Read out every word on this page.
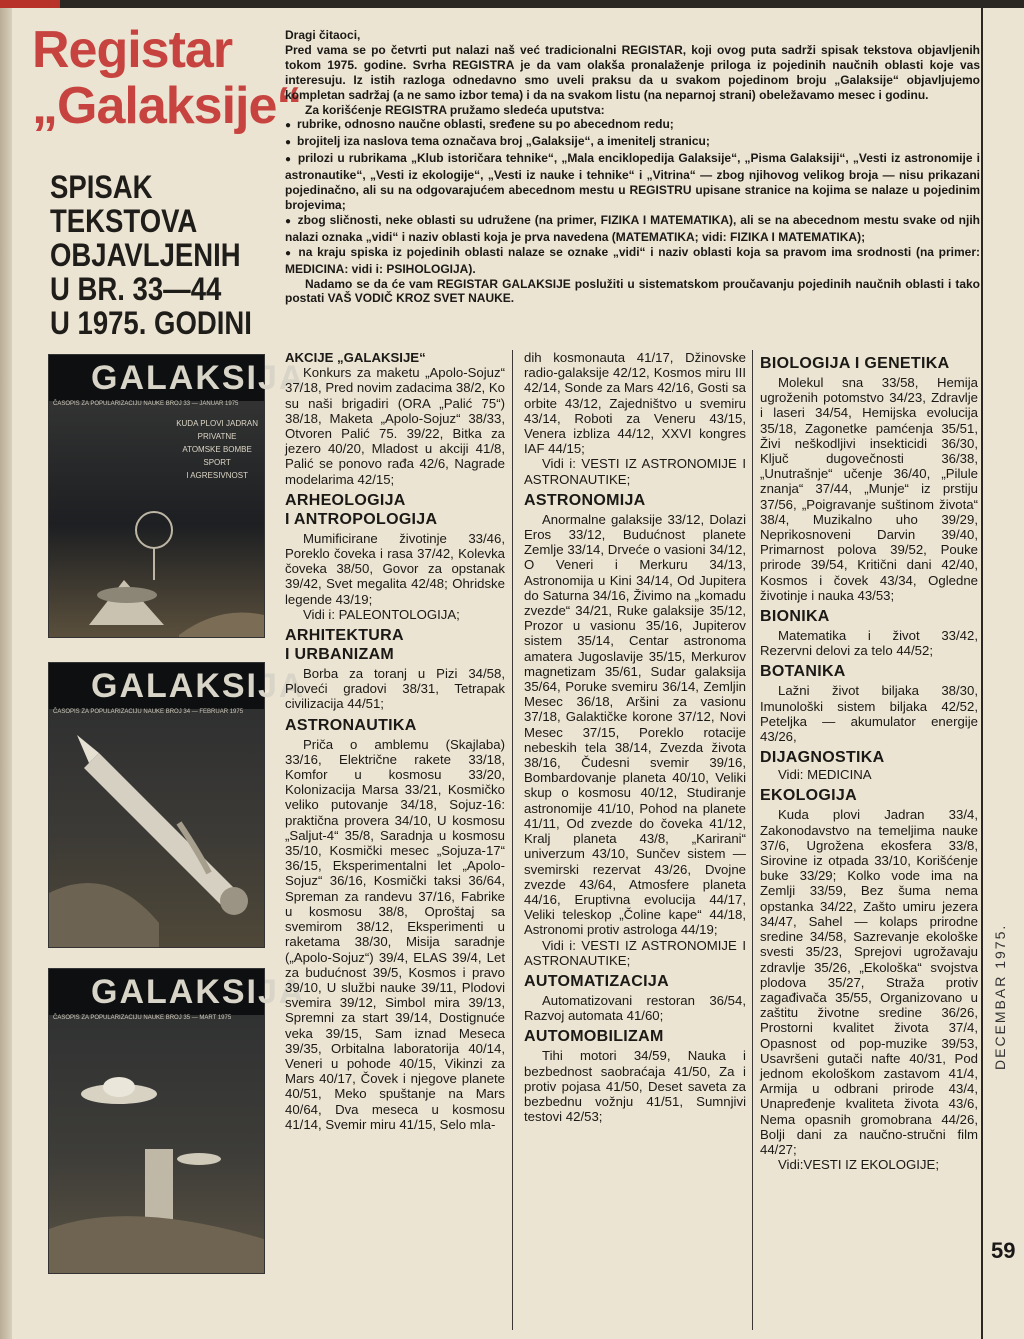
Registar
„Galaksije“
SPISAK
TEKSTOVA
OBJAVLJENIH
U BR. 33—44
U 1975. GODINI

Dragi čitaoci,

Pred vama se po četvrti put nalazi naš već tradicionalni REGISTAR, koji ovog puta sadrži spisak tekstova objavljenih tokom 1975. godine. Svrha REGISTRA je da vam olakša pronalaženje priloga iz pojedinih naučnih oblasti koje vas interesuju. Iz istih razloga odnedavno smo uveli praksu da u svakom pojedinom broju „Galaksije“ objavljujemo kompletan sadržaj (a ne samo izbor tema) i da na svakom listu (na neparnoj strani) obeležavamo mesec i godinu.

Za korišćenje REGISTRA pružamo sledeća uputstva:

● rubrike, odnosno naučne oblasti, sređene su po abecednom redu;

● brojitelj iza naslova tema označava broj „Galaksije“, a imenitelj stranicu;

● prilozi u rubrikama „Klub istoričara tehnike“, „Mala enciklopedija Galaksije“, „Pisma Galaksiji“, „Vesti iz astronomije i astronautike“, „Vesti iz ekologije“, „Vesti iz nauke i tehnike“ i „Vitrina“ — zbog njihovog velikog broja — nisu prikazani pojedinačno, ali su na odgovarajućem abecednom mestu u REGISTRU upisane stranice na kojima se nalaze u pojedinim brojevima;

● zbog sličnosti, neke oblasti su udružene (na primer, FIZIKA I MATEMATIKA), ali se na abecednom mestu svake od njih nalazi oznaka „vidi“ i naziv oblasti koja je prva navedena (MATEMATIKA; vidi: FIZIKA I MATEMATIKA);

● na kraju spiska iz pojedinih oblasti nalaze se oznake „vidi“ i naziv oblasti koja sa pravom ima srodnosti (na primer: MEDICINA: vidi i: PSIHOLOGIJA).

Nadamo se da će vam REGISTAR GALAKSIJE poslužiti u sistematskom proučavanju pojedinih naučnih oblasti i tako postati VAŠ VODIČ KROZ SVET NAUKE.

GALAKSIJA
ČASOPIS ZA POPULARIZACIJU NAUKE BROJ 33 — JANUAR 1975
KUDA PLOVI JADRAN
PRIVATNE
ATOMSKE BOMBE
SPORT
I AGRESIVNOST
GALAKSIJA
ČASOPIS ZA POPULARIZACIJU NAUKE BROJ 34 — FEBRUAR 1975
GALAKSIJA
ČASOPIS ZA POPULARIZACIJU NAUKE BROJ 35 — MART 1975
AKCIJE „GALAKSIJE“

Konkurs za maketu „Apolo-Sojuz“ 37/18, Pred novim zadacima 38/2, Ko su naši brigadiri (ORA „Palić 75“) 38/18, Maketa „Apolo-Sojuz“ 38/33, Otvoren Palić 75. 39/22, Bitka za jezero 40/20, Mladost u akciji 41/8, Palić se ponovo rađa 42/6, Nagrade modelarima 42/15;

ARHEOLOGIJA
I ANTROPOLOGIJA

Mumificirane životinje 33/46, Poreklo čoveka i rasa 37/42, Kolevka čoveka 38/50, Govor za opstanak 39/42, Svet megalita 42/48; Ohridske legende 43/19;

Vidi i: PALEONTOLOGIJA;

ARHITEKTURA
I URBANIZAM

Borba za toranj u Pizi 34/58, Ploveći gradovi 38/31, Tetrapak civilizacija 44/51;

ASTRONAUTIKA

Priča o amblemu (Skajlaba) 33/16, Električne rakete 33/18, Komfor u kosmosu 33/20, Kolonizacija Marsa 33/21, Kosmičko veliko putovanje 34/18, Sojuz-16: praktična provera 34/10, U kosmosu „Saljut-4“ 35/8, Saradnja u kosmosu 35/10, Kosmički mesec „Sojuza-17“ 36/15, Eksperimentalni let „Apolo-Sojuz“ 36/16, Kosmički taksi 36/64, Spreman za randevu 37/16, Fabrike u kosmosu 38/8, Oproštaj sa svemirom 38/12, Eksperimenti u raketama 38/30, Misija saradnje („Apolo-Sojuz“) 39/4, ELAS 39/4, Let za budućnost 39/5, Kosmos i pravo 39/10, U službi nauke 39/11, Plodovi svemira 39/12, Simbol mira 39/13, Spremni za start 39/14, Dostignuće veka 39/15, Sam iznad Meseca 39/35, Orbitalna laboratorija 40/14, Veneri u pohode 40/15, Vikinzi za Mars 40/17, Čovek i njegove planete 40/51, Meko spuštanje na Mars 40/64, Dva meseca u kosmosu 41/14, Svemir miru 41/15, Selo mla-

dih kosmonauta 41/17, Džinovske radio-galaksije 42/12, Kosmos miru III 42/14, Sonde za Mars 42/16, Gosti sa orbite 43/12, Zajedništvo u svemiru 43/14, Roboti za Veneru 43/15, Venera izbliza 44/12, XXVI kongres IAF 44/15;

Vidi i: VESTI IZ ASTRONOMIJE I ASTRONAUTIKE;

ASTRONOMIJA

Anormalne galaksije 33/12, Dolazi Eros 33/12, Budućnost planete Zemlje 33/14, Drveće o vasioni 34/12, O Veneri i Merkuru 34/13, Astronomija u Kini 34/14, Od Jupitera do Saturna 34/16, Živimo na „komadu zvezde“ 34/21, Ruke galaksije 35/12, Prozor u vasionu 35/16, Jupiterov sistem 35/14, Centar astronoma amatera Jugoslavije 35/15, Merkurov magnetizam 35/61, Sudar galaksija 35/64, Poruke svemiru 36/14, Zemljin Mesec 36/18, Aršini za vasionu 37/18, Galaktičke korone 37/12, Novi Mesec 37/15, Poreklo rotacije nebeskih tela 38/14, Zvezda života 38/16, Čudesni svemir 39/16, Bombardovanje planeta 40/10, Veliki skup o kosmosu 40/12, Studiranje astronomije 41/10, Pohod na planete 41/11, Od zvezde do čoveka 41/12, Kralj planeta 43/8, „Karirani“ univerzum 43/10, Sunčev sistem — svemirski rezervat 43/26, Dvojne zvezde 43/64, Atmosfere planeta 44/16, Eruptivna evolucija 44/17, Veliki teleskop „Čoline kape“ 44/18, Astronomi protiv astrologa 44/19;

Vidi i: VESTI IZ ASTRONOMIJE I ASTRONAUTIKE;

AUTOMATIZACIJA

Automatizovani restoran 36/54, Razvoj automata 41/60;

AUTOMOBILIZAM

Tihi motori 34/59, Nauka i bezbednost saobraćaja 41/50, Za i protiv pojasa 41/50, Deset saveta za bezbednu vožnju 41/51, Sumnjivi testovi 42/53;

BIOLOGIJA I GENETIKA

Molekul sna 33/58, Hemija ugroženih potomstvo 34/23, Zdravlje i laseri 34/54, Hemijska evolucija 35/18, Zagonetke pamćenja 35/51, Živi neškodljivi insekticidi 36/30, Ključ dugovečnosti 36/38, „Unutrašnje“ učenje 36/40, „Pilule znanja“ 37/44, „Munje“ iz prstiju 37/56, „Poigravanje suštinom života“ 38/4, Muzikalno uho 39/29, Neprikosnoveni Darvin 39/40, Primarnost polova 39/52, Pouke prirode 39/54, Kritični dani 42/40, Kosmos i čovek 43/34, Ogledne životinje i nauka 43/53;

BIONIKA

Matematika i život 33/42, Rezervni delovi za telo 44/52;

BOTANIKA

Lažni život biljaka 38/30, Imunološki sistem biljaka 42/52, Peteljka — akumulator energije 43/26,

DIJAGNOSTIKA

Vidi: MEDICINA

EKOLOGIJA

Kuda plovi Jadran 33/4, Zakonodavstvo na temeljima nauke 37/6, Ugrožena ekosfera 33/8, Sirovine iz otpada 33/10, Korišćenje buke 33/29; Kolko vode ima na Zemlji 33/59, Bez šuma nema opstanka 34/22, Zašto umiru jezera 34/47, Sahel — kolaps prirodne sredine 34/58, Sazrevanje ekološke svesti 35/23, Sprejovi ugrožavaju zdravlje 35/26, „Ekološka“ svojstva plodova 35/27, Straža protiv zagađivača 35/55, Organizovano u zaštitu životne sredine 36/26, Prostorni kvalitet života 37/4, Opasnost od pop-muzike 39/53, Usavršeni gutači nafte 40/31, Pod jednom ekološkom zastavom 41/4, Armija u odbrani prirode 43/4, Unapređenje kvaliteta života 43/6, Nema opasnih gromobrana 44/26, Bolji dani za naučno-stručni film 44/27;

Vidi:VESTI IZ EKOLOGIJE;

DECEMBAR 1975.
59
